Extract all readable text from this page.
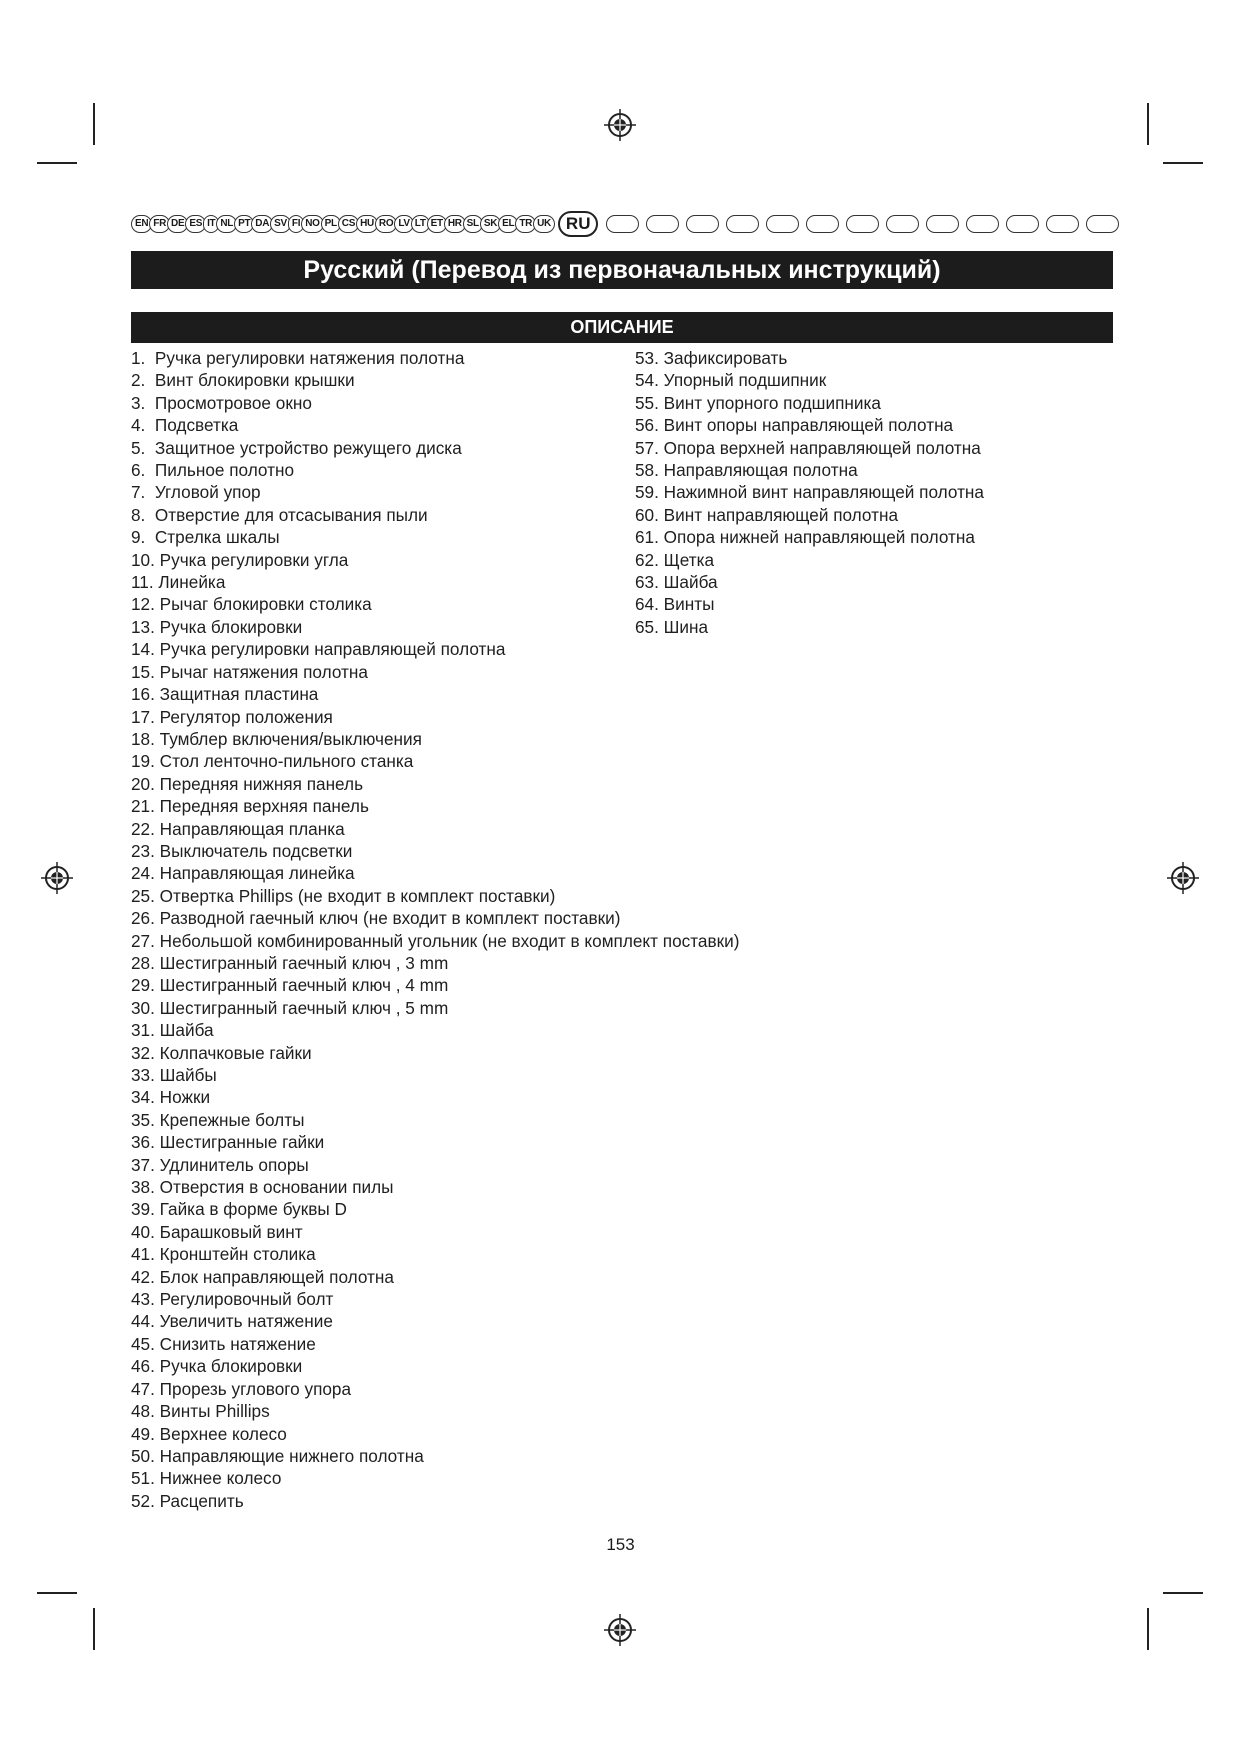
EN FR DE ES IT NL PT DA SV FI NO PL CS HU RO LV LT ET HR SL SK EL TR UK RU
Русский (Перевод из первоначальных инструкций)
ОПИСАНИЕ
1.  Ручка регулировки натяжения полотна
2.  Винт блокировки крышки
3.  Просмотровое окно
4.  Подсветка
5.  Защитное устройство режущего диска
6.  Пильное полотно
7.  Угловой упор
8.  Отверстие для отсасывания пыли
9.  Стрелка шкалы
10. Ручка регулировки угла
11. Линейка
12. Рычаг блокировки столика
13. Ручка блокировки
14. Ручка регулировки направляющей полотна
15. Рычаг натяжения полотна
16. Защитная пластина
17. Регулятор положения
18. Тумблер включения/выключения
19. Стол ленточно-пильного станка
20. Передняя нижняя панель
21. Передняя верхняя панель
22. Направляющая планка
23. Выключатель подсветки
24. Направляющая линейка
25. Отвертка Phillips (не входит в комплект поставки)
26. Разводной гаечный ключ (не входит в комплект поставки)
27. Небольшой комбинированный угольник (не входит в комплект поставки)
28. Шестигранный гаечный ключ , 3 mm
29. Шестигранный гаечный ключ , 4 mm
30. Шестигранный гаечный ключ , 5 mm
31. Шайба
32. Колпачковые гайки
33. Шайбы
34. Ножки
35. Крепежные болты
36. Шестигранные гайки
37. Удлинитель опоры
38. Отверстия в основании пилы
39. Гайка в форме буквы D
40. Барашковый винт
41. Кронштейн столика
42. Блок направляющей полотна
43. Регулировочный болт
44. Увеличить натяжение
45. Снизить натяжение
46. Ручка блокировки
47. Прорезь углового упора
48. Винты Phillips
49. Верхнее колесо
50. Направляющие нижнего полотна
51. Нижнее колесо
52. Расцепить
53. Зафиксировать
54. Упорный подшипник
55. Винт упорного подшипника
56. Винт опоры направляющей полотна
57. Опора верхней направляющей полотна
58. Направляющая полотна
59. Нажимной винт направляющей полотна
60. Винт направляющей полотна
61. Опора нижней направляющей полотна
62. Щетка
63. Шайба
64. Винты
65. Шина
153
